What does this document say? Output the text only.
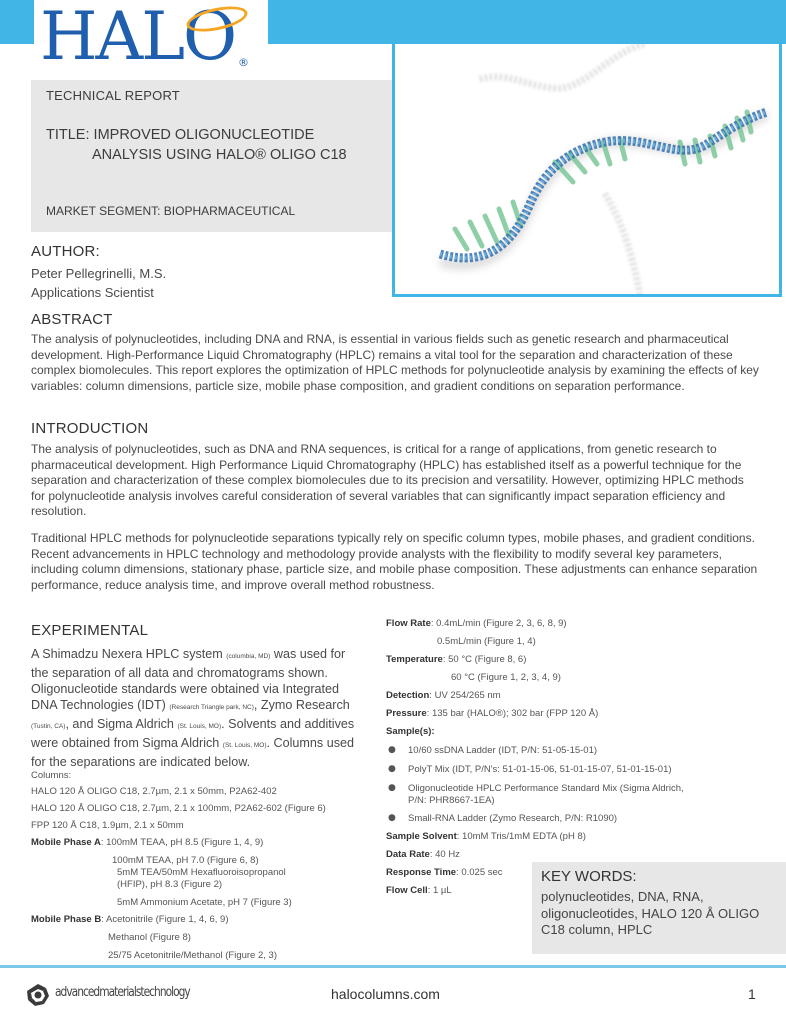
HALO ®
TECHNICAL REPORT
TITLE: IMPROVED OLIGONUCLEOTIDE
ANALYSIS USING HALO® OLIGO C18
MARKET SEGMENT: BIOPHARMACEUTICAL
AUTHOR:
Peter Pellegrinelli, M.S.
Applications Scientist
ABSTRACT
The analysis of polynucleotides, including DNA and RNA, is essential in various fields such as genetic research and pharmaceutical development. High-Performance Liquid Chromatography (HPLC) remains a vital tool for the separation and characterization of these complex biomolecules. This report explores the optimization of HPLC methods for polynucleotide analysis by examining the effects of key variables: column dimensions, particle size, mobile phase composition, and gradient conditions on separation performance.
INTRODUCTION
The analysis of polynucleotides, such as DNA and RNA sequences, is critical for a range of applications, from genetic research to pharmaceutical development. High Performance Liquid Chromatography (HPLC) has established itself as a powerful technique for the separation and characterization of these complex biomolecules due to its precision and versatility. However, optimizing HPLC methods for polynucleotide analysis involves careful consideration of several variables that can significantly impact separation efficiency and resolution.
Traditional HPLC methods for polynucleotide separations typically rely on specific column types, mobile phases, and gradient conditions. Recent advancements in HPLC technology and methodology provide analysts with the flexibility to modify several key parameters, including column dimensions, stationary phase, particle size, and mobile phase composition. These adjustments can enhance separation performance, reduce analysis time, and improve overall method robustness.
EXPERIMENTAL
A Shimadzu Nexera HPLC system (columbia, MD) was used for the separation of all data and chromatograms shown. Oligonucleotide standards were obtained via Integrated DNA Technologies (IDT) (Research Triangle park, NC), Zymo Research (Tustin, CA), and Sigma Aldrich (St. Louis, MO). Solvents and additives were obtained from Sigma Aldrich (St. Louis, MO). Columns used for the separations are indicated below.
Columns:
HALO 120 Å OLIGO C18, 2.7µm, 2.1 x 50mm, P2A62-402
HALO 120 Å OLIGO C18, 2.7µm, 2.1 x 100mm, P2A62-602 (Figure 6)
FPP 120 Å C18, 1.9µm, 2.1 x 50mm
Mobile Phase A: 100mM TEAA, pH 8.5 (Figure 1, 4, 9)
100mM TEAA, pH 7.0 (Figure 6, 8)
5mM TEA/50mM Hexafluoroisopropanol
(HFIP), pH 8.3 (Figure 2)
5mM Ammonium Acetate, pH 7 (Figure 3)
Mobile Phase B: Acetonitrile (Figure 1, 4, 6, 9)
Methanol (Figure 8)
25/75 Acetonitrile/Methanol (Figure 2, 3)
Flow Rate: 0.4mL/min (Figure 2, 3, 6, 8, 9)
0.5mL/min (Figure 1, 4)
Temperature: 50 °C (Figure 8, 6)
60 °C (Figure 1, 2, 3, 4, 9)
Detection: UV 254/265 nm
Pressure: 135 bar (HALO®); 302 bar (FPP 120 Å)
Sample(s):
● 10/60 ssDNA Ladder (IDT, P/N: 51-05-15-01)
● PolyT Mix (IDT, P/N's: 51-01-15-06, 51-01-15-07, 51-01-15-01)
● Oligonucleotide HPLC Performance Standard Mix (Sigma Aldrich,
P/N: PHR8667-1EA)
● Small-RNA Ladder (Zymo Research, P/N: R1090)
Sample Solvent: 10mM Tris/1mM EDTA (pH 8)
Data Rate: 40 Hz
Response Time: 0.025 sec
Flow Cell: 1 µL
KEY WORDS:
polynucleotides, DNA, RNA, oligonucleotides, HALO 120 Å OLIGO C18 column, HPLC
advancedmaterialstechnology	halocolumns.com	1
